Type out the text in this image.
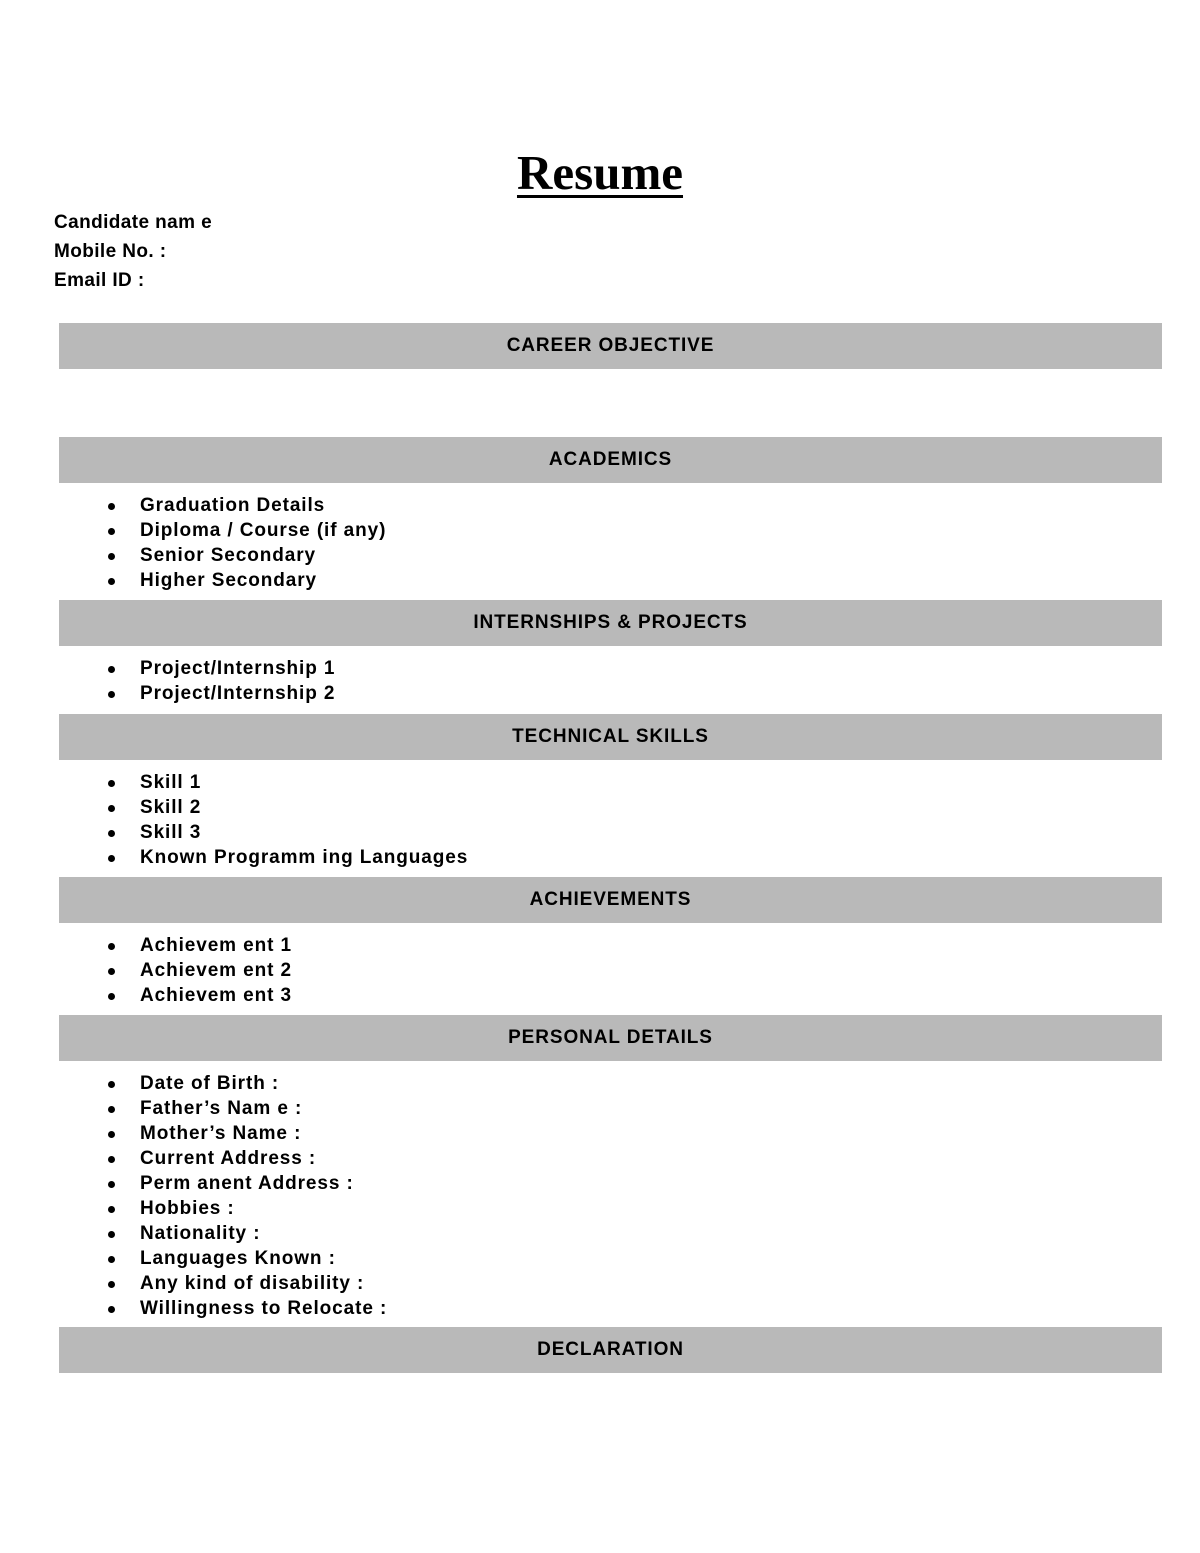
Resume
Candidate nam e
Mobile No. :
Email ID :
CAREER OBJECTIVE
ACADEMICS
Graduation Details
Diploma / Course (if any)
Senior Secondary
Higher Secondary
INTERNSHIPS & PROJECTS
Project/Internship 1
Project/Internship 2
TECHNICAL SKILLS
Skill 1
Skill 2
Skill 3
Known Programm ing Languages
ACHIEVEMENTS
Achievem ent 1
Achievem ent 2
Achievem ent 3
PERSONAL DETAILS
Date of Birth :
Father’s Nam e :
Mother’s Name :
Current Address :
Perm anent Address :
Hobbies :
Nationality :
Languages Known :
Any kind of disability :
Willingness to Relocate :
DECLARATION
